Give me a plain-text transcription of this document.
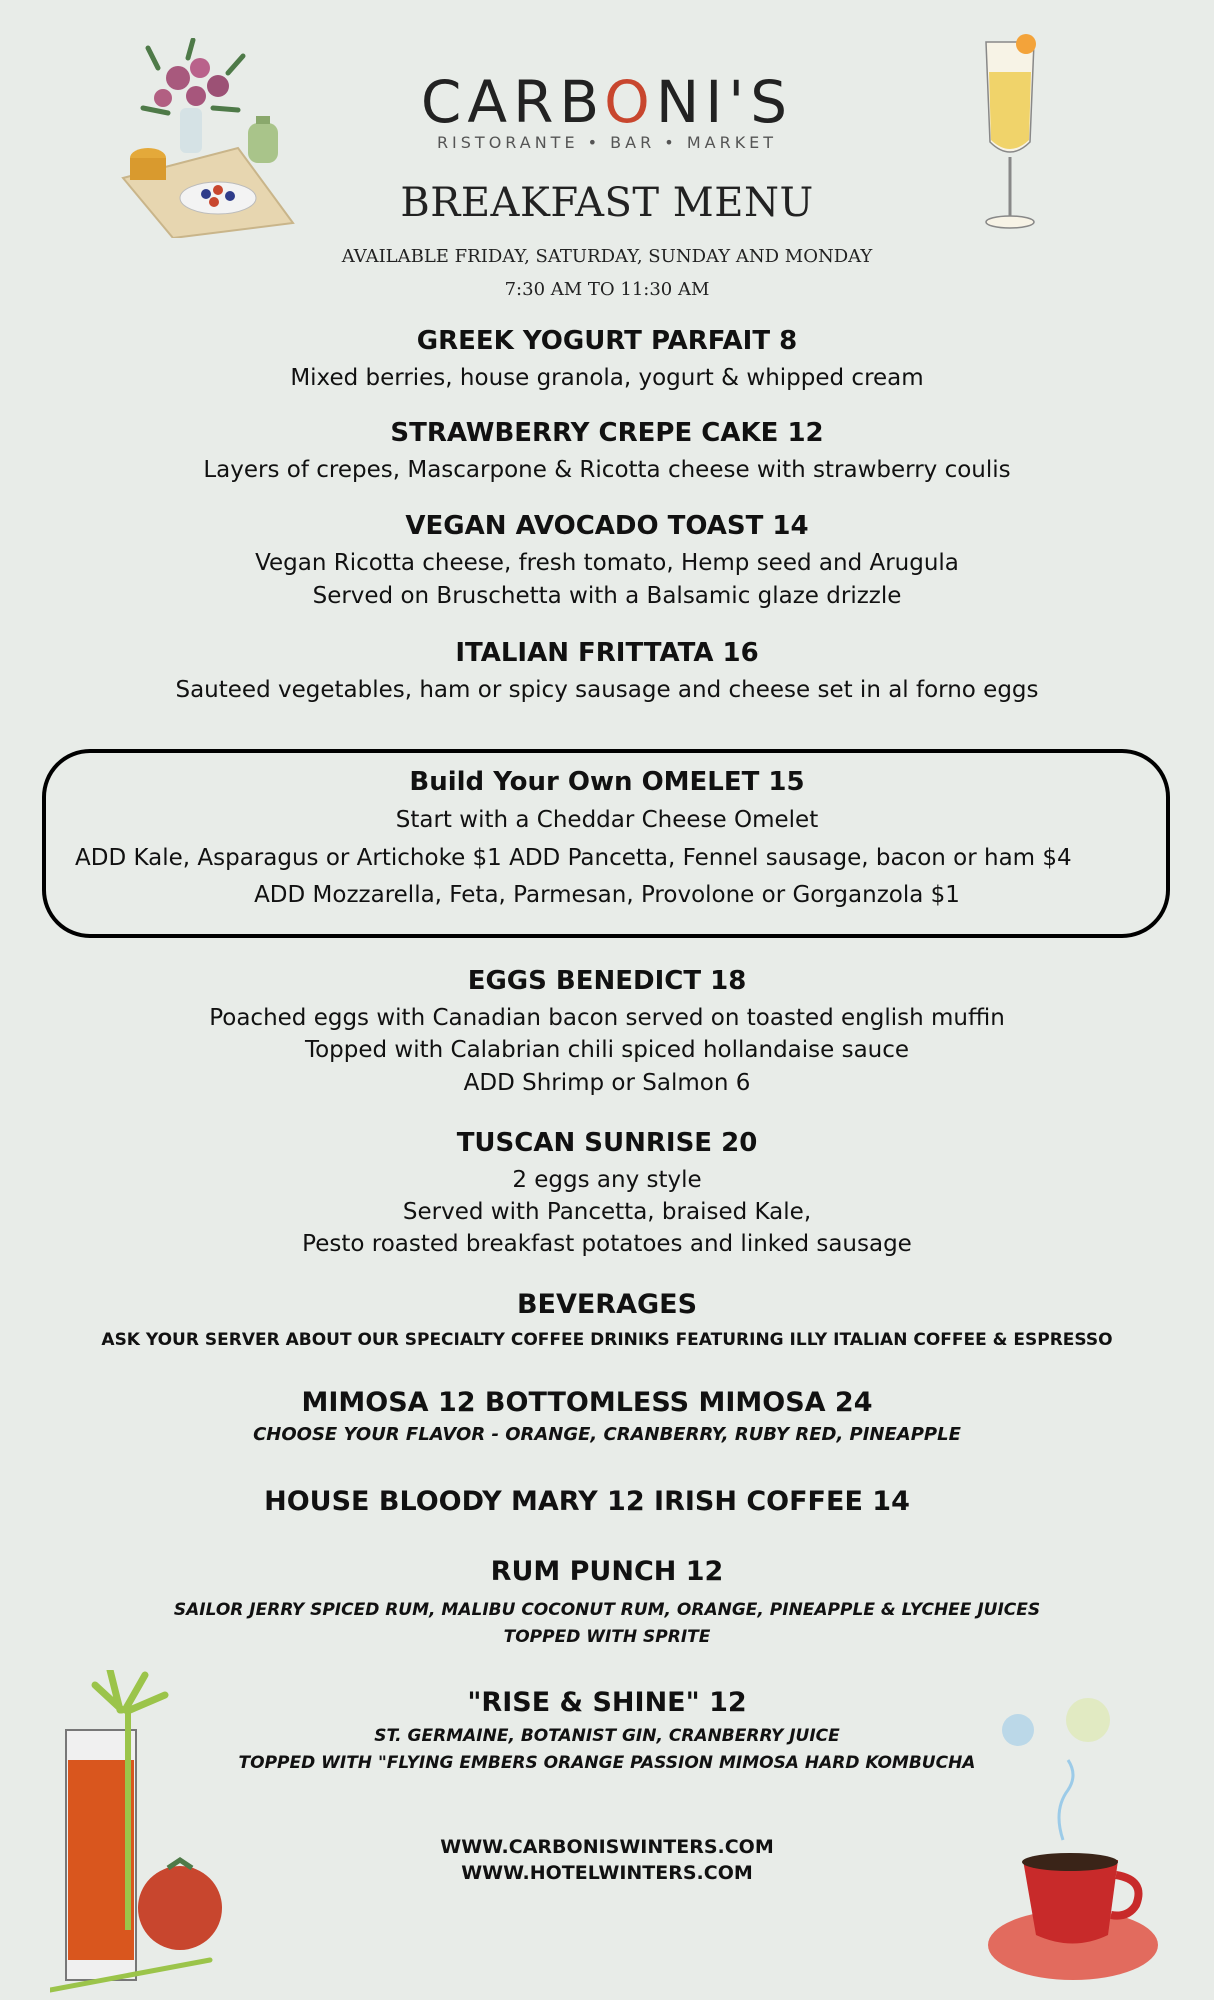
CARBONI'S
RISTORANTE • BAR • MARKET
BREAKFAST MENU
AVAILABLE FRIDAY, SATURDAY, SUNDAY AND MONDAY
7:30 AM TO 11:30 AM
GREEK YOGURT PARFAIT 8
Mixed berries, house granola, yogurt & whipped cream
STRAWBERRY CREPE CAKE 12
Layers of crepes, Mascarpone & Ricotta cheese with strawberry coulis
VEGAN AVOCADO TOAST 14
Vegan Ricotta cheese, fresh tomato, Hemp seed and Arugula
Served on Bruschetta with a Balsamic glaze drizzle
ITALIAN FRITTATA 16
Sauteed vegetables, ham or spicy sausage and cheese set in al forno eggs
Build Your Own OMELET 15
Start with a Cheddar Cheese Omelet
ADD Kale, Asparagus or Artichoke $1 ADD Pancetta, Fennel sausage, bacon or ham $4
ADD Mozzarella, Feta, Parmesan, Provolone or Gorganzola $1
EGGS BENEDICT 18
Poached eggs with Canadian bacon served on toasted english muffin
Topped with Calabrian chili spiced hollandaise sauce
ADD Shrimp or Salmon 6
TUSCAN SUNRISE 20
2 eggs any style
Served with Pancetta, braised Kale,
Pesto roasted breakfast potatoes and linked sausage
BEVERAGES
ASK YOUR SERVER ABOUT OUR SPECIALTY COFFEE DRINIKS FEATURING ILLY ITALIAN COFFEE & ESPRESSO
MIMOSA 12 BOTTOMLESS MIMOSA 24
CHOOSE YOUR FLAVOR - ORANGE, CRANBERRY, RUBY RED, PINEAPPLE
HOUSE BLOODY MARY 12 IRISH COFFEE 14
RUM PUNCH 12
SAILOR JERRY SPICED RUM, MALIBU COCONUT RUM, ORANGE, PINEAPPLE & LYCHEE JUICES
TOPPED WITH SPRITE
"RISE & SHINE" 12
ST. GERMAINE, BOTANIST GIN, CRANBERRY JUICE
TOPPED WITH "FLYING EMBERS ORANGE PASSION MIMOSA HARD KOMBUCHA
WWW.CARBONISWINTERS.COM
WWW.HOTELWINTERS.COM
